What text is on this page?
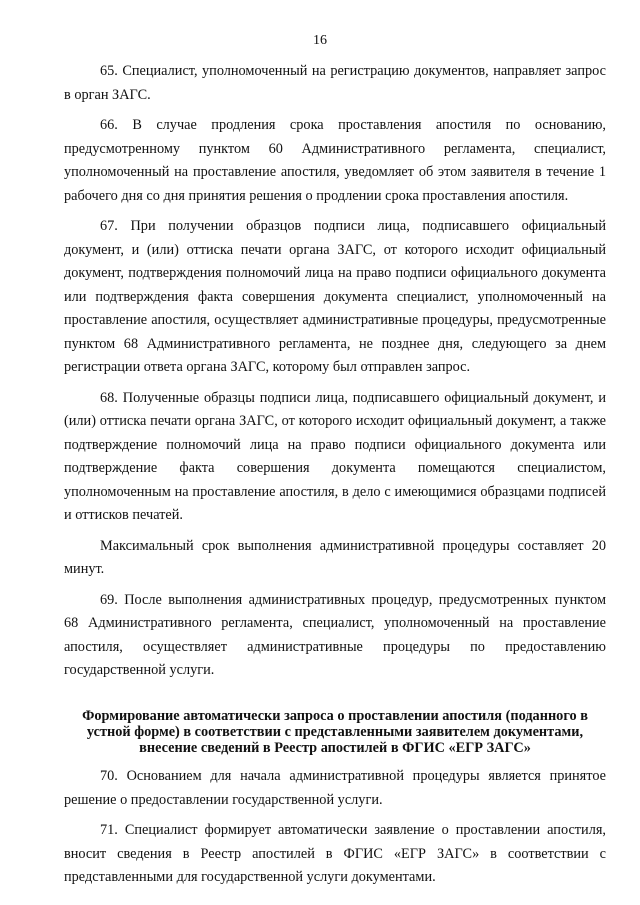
16

65. Специалист, уполномоченный на регистрацию документов, направляет запрос в орган ЗАГС.

66. В случае продления срока проставления апостиля по основанию, предусмотренному пунктом 60 Административного регламента, специалист, уполномоченный на проставление апостиля, уведомляет об этом заявителя в течение 1 рабочего дня со дня принятия решения о продлении срока проставления апостиля.

67. При получении образцов подписи лица, подписавшего официальный документ, и (или) оттиска печати органа ЗАГС, от которого исходит официальный документ, подтверждения полномочий лица на право подписи официального документа или подтверждения факта совершения документа специалист, уполномоченный на проставление апостиля, осуществляет административные процедуры, предусмотренные пунктом 68 Административного регламента, не позднее дня, следующего за днем регистрации ответа органа ЗАГС, которому был отправлен запрос.

68. Полученные образцы подписи лица, подписавшего официальный документ, и (или) оттиска печати органа ЗАГС, от которого исходит официальный документ, а также подтверждение полномочий лица на право подписи официального документа или подтверждение факта совершения документа помещаются специалистом, уполномоченным на проставление апостиля, в дело с имеющимися образцами подписей и оттисков печатей.

Максимальный срок выполнения административной процедуры составляет 20 минут.

69. После выполнения административных процедур, предусмотренных пунктом 68 Административного регламента, специалист, уполномоченный на проставление апостиля, осуществляет административные процедуры по предоставлению государственной услуги.

Формирование автоматически запроса о проставлении апостиля (поданного в устной форме) в соответствии с представленными заявителем документами, внесение сведений в Реестр апостилей в ФГИС «ЕГР ЗАГС»

70. Основанием для начала административной процедуры является принятое решение о предоставлении государственной услуги.

71. Специалист формирует автоматически заявление о проставлении апостиля, вносит сведения в Реестр апостилей в ФГИС «ЕГР ЗАГС» в соответствии с представленными для государственной услуги документами.
